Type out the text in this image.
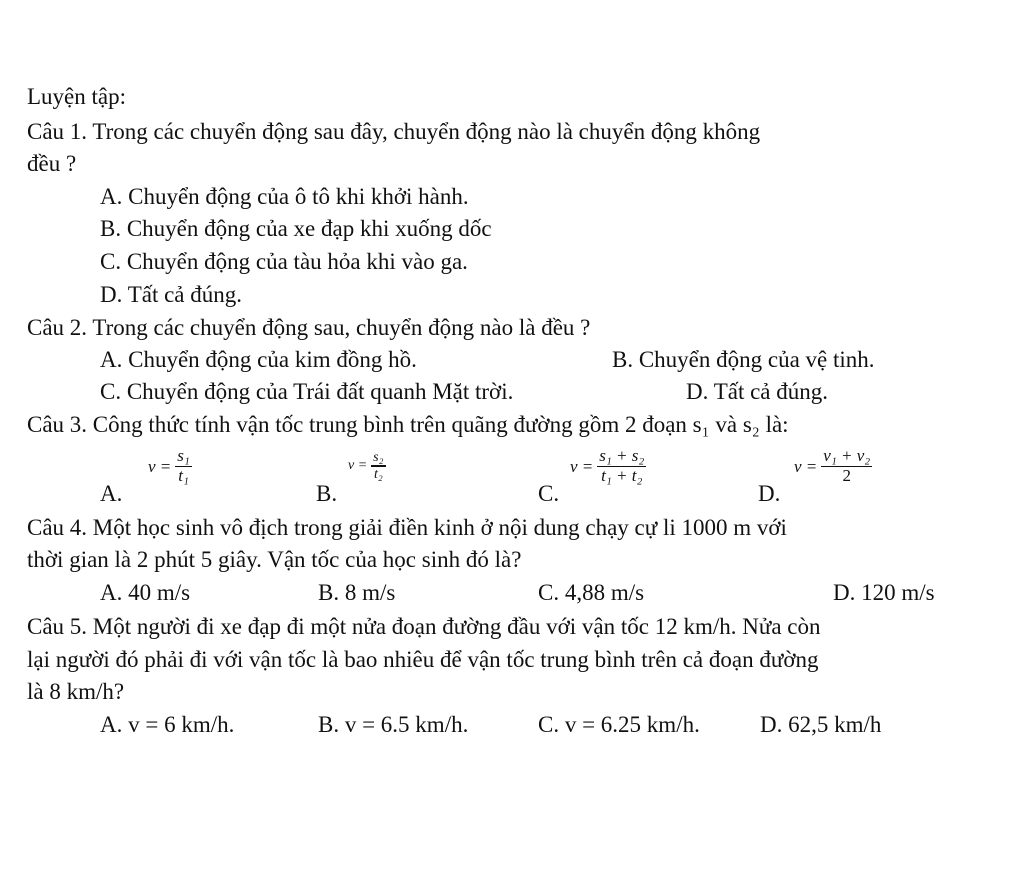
Luyện tập:
Câu 1. Trong các chuyển động sau đây, chuyển động nào là chuyển động không
đều ?
A. Chuyển động của ô tô khi khởi hành.
B. Chuyển động của xe đạp khi xuống dốc
C. Chuyển động của tàu hỏa khi vào ga.
D. Tất cả đúng.
Câu 2. Trong các chuyển động sau, chuyển động nào là đều ?
A. Chuyển động của kim đồng hồ.	B. Chuyển động của vệ tinh.
C. Chuyển động của Trái đất quanh Mặt trời.	D. Tất cả đúng.
Câu 3. Công thức tính vận tốc trung bình trên quãng đường gồm 2 đoạn s₁ và s₂ là:
A.
$v = \frac{\text{s₁}}{\text{t₁}}$
B.
$v = \frac{\text{s₂}}{\text{t₂}}$
C.
$v = \frac{\text{s₁ + s₂}}{\text{t₁ + t₂}}$
D.
$v = \frac{\text{v₁ + v₂}}{2}$
Câu 4. Một học sinh vô địch trong giải điền kinh ở nội dung chạy cự li 1000 m với
thời gian là 2 phút 5 giây. Vận tốc của học sinh đó là?
A. 40 m/s	B. 8 m/s	C. 4,88 m/s	D. 120 m/s
Câu 5. Một người đi xe đạp đi một nửa đoạn đường đầu với vận tốc 12 km/h. Nửa còn
lại người đó phải đi với vận tốc là bao nhiêu để vận tốc trung bình trên cả đoạn đường
là 8 km/h?
A. v = 6 km/h.	B. v = 6.5 km/h.	C. v = 6.25 km/h.	D. 62,5 km/h
